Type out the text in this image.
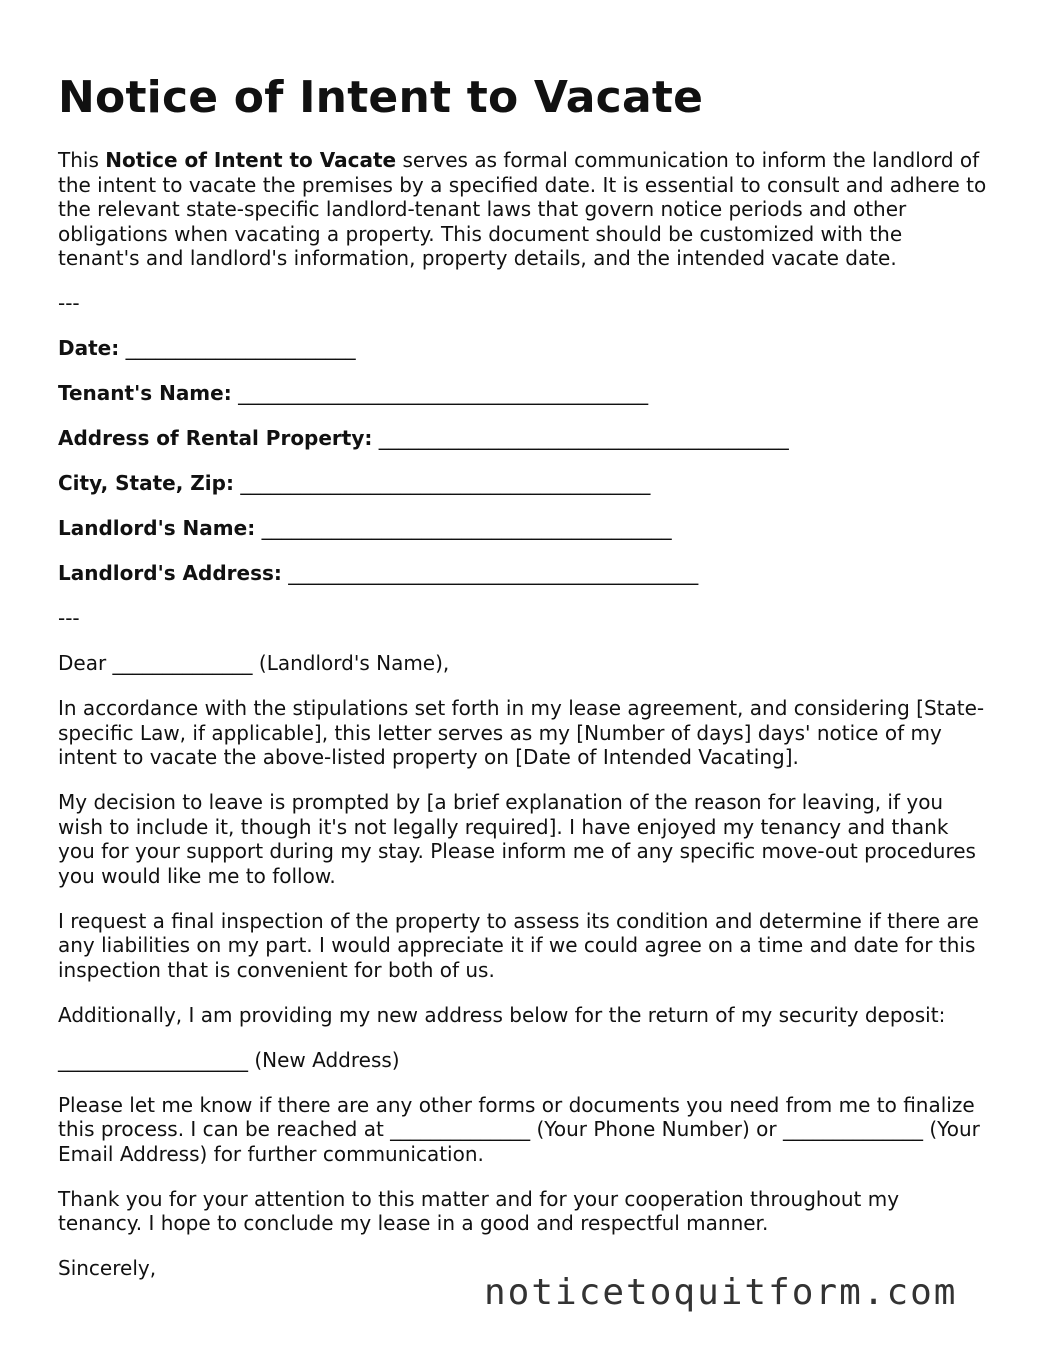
Notice of Intent to Vacate

This Notice of Intent to Vacate serves as formal communication to inform the landlord of the intent to vacate the premises by a specified date. It is essential to consult and adhere to the relevant state-specific landlord-tenant laws that govern notice periods and other obligations when vacating a property. This document should be customized with the tenant's and landlord's information, property details, and the intended vacate date.

---

Date: _______________________
Tenant's Name: _________________________________________
Address of Rental Property: _________________________________________
City, State, Zip: _________________________________________
Landlord's Name: _________________________________________
Landlord's Address: _________________________________________

---

Dear ______________ (Landlord's Name),

In accordance with the stipulations set forth in my lease agreement, and considering [State-specific Law, if applicable], this letter serves as my [Number of days] days' notice of my intent to vacate the above-listed property on [Date of Intended Vacating].

My decision to leave is prompted by [a brief explanation of the reason for leaving, if you wish to include it, though it's not legally required]. I have enjoyed my tenancy and thank you for your support during my stay. Please inform me of any specific move-out procedures you would like me to follow.

I request a final inspection of the property to assess its condition and determine if there are any liabilities on my part. I would appreciate it if we could agree on a time and date for this inspection that is convenient for both of us.

Additionally, I am providing my new address below for the return of my security deposit:

___________________ (New Address)

Please let me know if there are any other forms or documents you need from me to finalize this process. I can be reached at ______________ (Your Phone Number) or ______________ (Your Email Address) for further communication.

Thank you for your attention to this matter and for your cooperation throughout my tenancy. I hope to conclude my lease in a good and respectful manner.

Sincerely,

noticetoquitform.com
